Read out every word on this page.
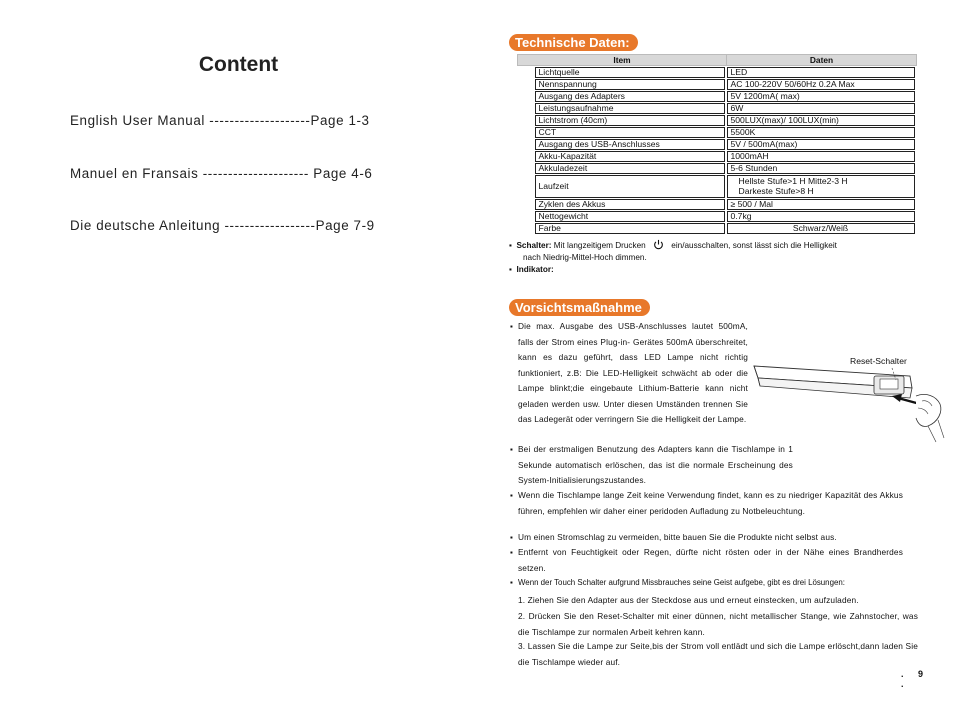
Content
English User Manual --------------------Page 1-3
Manuel en Fransais --------------------- Page 4-6
Die deutsche Anleitung ------------------Page 7-9
Technische Daten:
Item	Daten

Lichtquelle	LED

Nennspannung	AC 100-220V 50/60Hz 0.2A Max

Ausgang des Adapters	5V 1200mA( max)

Leistungsaufnahme	6W

Lichtstrom (40cm)	500LUX(max)/ 100LUX(min)

CCT	5500K

Ausgang des USB-Anschlusses	5V / 500mA(max)

Akku-Kapazität	1000mAH

Akkuladezeit	5-6 Stunden

Laufzeit	Hellste Stufe>1 H Mitte2-3 H
Darkeste Stufe>8 H

Zyklen des Akkus	≥ 500 / Mal

Nettogewicht	0.7kg

Farbe	Schwarz/Weiß
▪ Schalter: Mit langzeitigem Drucken	ein/ausschalten, sonst lässt sich die Helligkeit
nach Niedrig-Mittel-Hoch dimmen.
▪ Indikator:
Vorsichtsmaßnahme
▪ Die max. Ausgabe des USB-Anschlusses lautet 500mA, falls der Strom eines Plug-in- Gerätes 500mA überschreitet, kann es dazu geführt, dass LED Lampe nicht richtig funktioniert, z.B: Die LED-Helligkeit schwächt ab oder die Lampe blinkt;die eingebaute Lithium-Batterie kann nicht geladen werden usw. Unter diesen Umständen trennen Sie das Ladegerät oder verringern Sie die Helligkeit der Lampe.
Reset-Schalter
▪ Bei der erstmaligen Benutzung des Adapters kann die Tischlampe in 1 Sekunde automatisch erlöschen, das ist die normale Erscheinung des System-Initialisierungszustandes.
▪ Wenn die Tischlampe lange Zeit keine Verwendung findet, kann es zu niedriger Kapazität des Akkus führen, empfehlen wir daher einer peridoden Aufladung zu Notbeleuchtung.
▪ Um einen Stromschlag zu vermeiden, bitte bauen Sie die Produkte nicht selbst aus.
▪ Entfernt von Feuchtigkeit oder Regen, dürfte nicht rösten oder in der Nähe eines Brandherdes setzen.
▪ Wenn der Touch Schalter aufgrund Missbrauches seine Geist aufgebe, gibt es drei Lösungen:
1. Ziehen Sie den Adapter aus der Steckdose aus und erneut einstecken, um aufzuladen.
2. Drücken Sie den Reset-Schalter mit einer dünnen, nicht metallischer Stange, wie Zahnstocher, was die Tischlampe zur normalen Arbeit kehren kann.
3. Lassen Sie die Lampe zur Seite,bis der Strom voll entlädt und sich die Lampe erlöscht,dann laden Sie die Tischlampe wieder auf.
. 9 .
